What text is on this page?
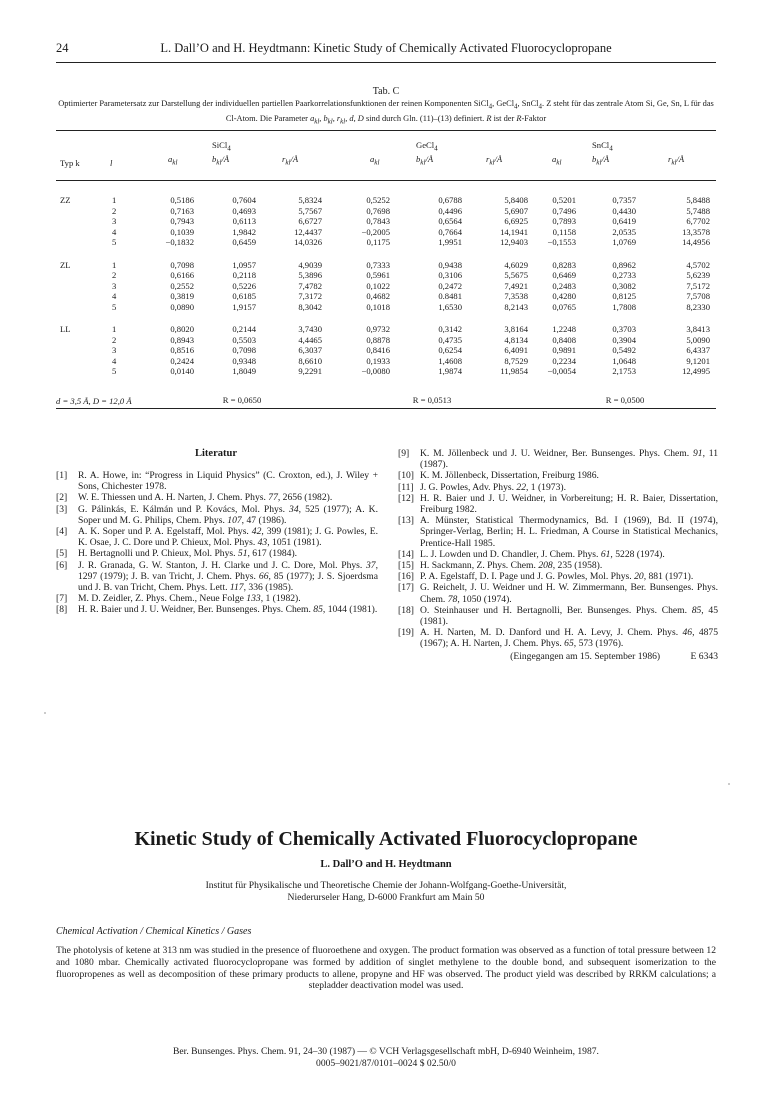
24	L. Dall’O and H. Heydtmann: Kinetic Study of Chemically Activated Fluorocyclopropane
Tab. C
Optimierter Parametersatz zur Darstellung der individuellen partiellen Paarkorrelationsfunktionen der reinen Komponenten SiCl$_4$, GeCl$_4$, SnCl$_4$. Z steht für das zentrale Atom Si, Ge, Sn, L für das Cl-Atom. Die Parameter $a_{kl}$, $b_{kl}$, $r_{kl}$, d, D sind durch Gln. (11)–(13) definiert. R ist der R-Faktor
			SiCl$_4$			GeCl$_4$			SnCl$_4$	
Typ k	l	$a_{kl}$	$b_{kl}/Å$	$r_{kl}/Å$	$a_{kl}$	$b_{kl}/Å$	$r_{kl}/Å$	$a_{kl}$	$b_{kl}/Å$	$r_{kl}/Å$
ZZ	1	0,5186	0,7604	5,8324	0,5252	0,6788	5,8408	0,5201	0,7357	5,8488
	2	0,7163	0,4693	5,7567	0,7698	0,4496	5,6907	0,7496	0,4430	5,7488
	3	0,7943	0,6113	6,6727	0,7843	0,6564	6,6925	0,7893	0,6419	6,7702
	4	0,1039	1,9842	12,4437	−0,2005	0,7664	14,1941	0,1158	2,0535	13,3578
	5	−0,1832	0,6459	14,0326	0,1175	1,9951	12,9403	−0,1553	1,0769	14,4956
ZL	1	0,7098	1,0957	4,9039	0,7333	0,9438	4,6029	0,8283	0,8962	4,5702
	2	0,6166	0,2118	5,3896	0,5961	0,3106	5,5675	0,6469	0,2733	5,6239
	3	0,2552	0,5226	7,4782	0,1022	0,2472	7,4921	0,2483	0,3082	7,5172
	4	0,3819	0,6185	7,3172	0,4682	0.8481	7,3538	0,4280	0,8125	7,5708
	5	0,0890	1,9157	8,3042	0,1018	1,6530	8,2143	0,0765	1,7808	8,2330
LL	1	0,8020	0,2144	3,7430	0,9732	0,3142	3,8164	1,2248	0,3703	3,8413
	2	0,8943	0,5503	4,4465	0,8878	0,4735	4,8134	0,8408	0,3904	5,0090
	3	0,8516	0,7098	6,3037	0,8416	0,6254	6,4091	0,9891	0,5492	6,4337
	4	0,2424	0,9348	8,6610	0,1933	1,4608	8,7529	0,2234	1,0648	9,1201
	5	0,0140	1,8049	9,2291	−0,0080	1,9874	11,9854	−0,0054	2,1753	12,4995
		R = 0,0650			R = 0,0513			R = 0,0500		
d = 3,5 Å, D = 12,0 Å
Literatur
[1] R. A. Howe, in: “Progress in Liquid Physics” (C. Croxton, ed.), J. Wiley + Sons, Chichester 1978.
[2] W. E. Thiessen und A. H. Narten, J. Chem. Phys. 77, 2656 (1982).
[3] G. Pálinkás, E. Kálmán und P. Kovács, Mol. Phys. 34, 525 (1977); A. K. Soper und M. G. Philips, Chem. Phys. 107, 47 (1986).
[4] A. K. Soper und P. A. Egelstaff, Mol. Phys. 42, 399 (1981); J. G. Powles, E. K. Osae, J. C. Dore und P. Chieux, Mol. Phys. 43, 1051 (1981).
[5] H. Bertagnolli und P. Chieux, Mol. Phys. 51, 617 (1984).
[6] J. R. Granada, G. W. Stanton, J. H. Clarke und J. C. Dore, Mol. Phys. 37, 1297 (1979); J. B. van Tricht, J. Chem. Phys. 66, 85 (1977); J. S. Sjoerdsma und J. B. van Tricht, Chem. Phys. Lett. 117, 336 (1985).
[7] M. D. Zeidler, Z. Phys. Chem., Neue Folge 133, 1 (1982).
[8] H. R. Baier und J. U. Weidner, Ber. Bunsenges. Phys. Chem. 85, 1044 (1981).
[9] K. M. Jöllenbeck und J. U. Weidner, Ber. Bunsenges. Phys. Chem. 91, 11 (1987).
[10] K. M. Jöllenbeck, Dissertation, Freiburg 1986.
[11] J. G. Powles, Adv. Phys. 22, 1 (1973).
[12] H. R. Baier und J. U. Weidner, in Vorbereitung; H. R. Baier, Dissertation, Freiburg 1982.
[13] A. Münster, Statistical Thermodynamics, Bd. I (1969), Bd. II (1974), Springer-Verlag, Berlin; H. L. Friedman, A Course in Statistical Mechanics, Prentice-Hall 1985.
[14] L. J. Lowden und D. Chandler, J. Chem. Phys. 61, 5228 (1974).
[15] H. Sackmann, Z. Phys. Chem. 208, 235 (1958).
[16] P. A. Egelstaff, D. I. Page und J. G. Powles, Mol. Phys. 20, 881 (1971).
[17] G. Reichelt, J. U. Weidner und H. W. Zimmermann, Ber. Bunsenges. Phys. Chem. 78, 1050 (1974).
[18] O. Steinhauser und H. Bertagnolli, Ber. Bunsenges. Phys. Chem. 85, 45 (1981).
[19] A. H. Narten, M. D. Danford und H. A. Levy, J. Chem. Phys. 46, 4875 (1967); A. H. Narten, J. Chem. Phys. 65, 573 (1976).
(Eingegangen am 15. September 1986)	E 6343
Kinetic Study of Chemically Activated Fluorocyclopropane
L. Dall’O and H. Heydtmann
Institut für Physikalische und Theoretische Chemie der Johann-Wolfgang-Goethe-Universität,
Niederurseler Hang, D-6000 Frankfurt am Main 50
Chemical Activation / Chemical Kinetics / Gases
The photolysis of ketene at 313 nm was studied in the presence of fluoroethene and oxygen. The product formation was observed as a function of total pressure between 12 and 1080 mbar. Chemically activated fluorocyclopropane was formed by addition of singlet methylene to the double bond, and subsequent isomerization to the fluoropropenes as well as decomposition of these primary products to allene, propyne and HF was observed. The product yield was described by RRKM calculations; a stepladder deactivation model was used.
Ber. Bunsenges. Phys. Chem. 91, 24–30 (1987) — © VCH Verlagsgesellschaft mbH, D-6940 Weinheim, 1987.
0005–9021/87/0101–0024 $ 02.50/0
